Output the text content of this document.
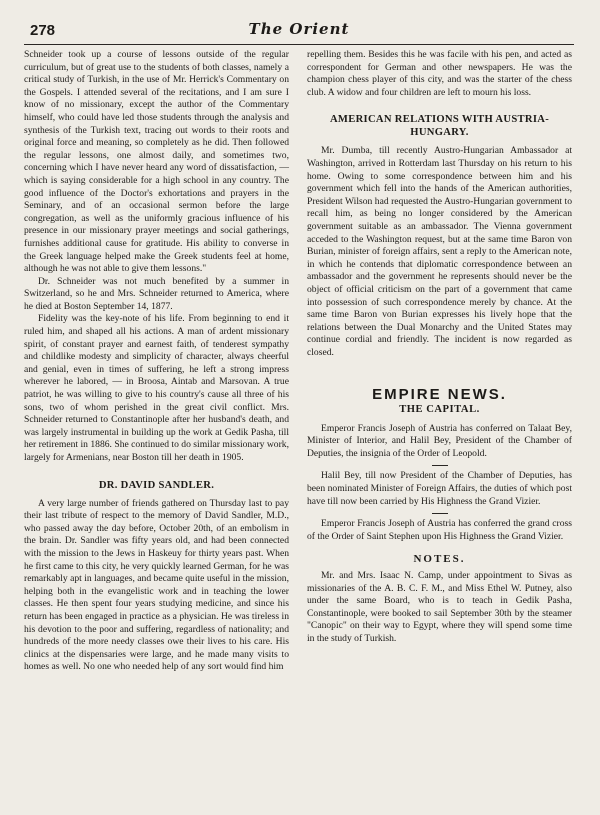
278	The Orient

Schneider took up a course of lessons outside of the regular curriculum, but of great use to the students of both classes, namely a critical study of Turkish, in the use of Mr. Herrick's Commentary on the Gospels. I attended several of the recitations, and I am sure I know of no missionary, except the author of the Commentary himself, who could have led those students through the analysis and synthesis of the Turkish text, tracing out words to their roots and original force and meaning, so completely as he did. Then followed the regular lessons, one almost daily, and sometimes two, concerning which I have never heard any word of dissatisfaction, — which is saying considerable for a high school in any country. The good influence of the Doctor's exhortations and prayers in the Seminary, and of an occasional sermon before the large congregation, as well as the uniformly gracious influence of his presence in our missionary prayer meetings and social gatherings, furnishes additional cause for gratitude. His ability to converse in the Greek language helped make the Greek students feel at home, although he was not able to give them lessons."

Dr. Schneider was not much benefited by a summer in Switzerland, so he and Mrs. Schneider returned to America, where he died at Boston September 14, 1877.

Fidelity was the key-note of his life. From beginning to end it ruled him, and shaped all his actions. A man of ardent missionary spirit, of constant prayer and earnest faith, of tenderest sympathy and childlike modesty and simplicity of character, always cheerful and genial, even in times of suffering, he left a strong impress wherever he labored, — in Broosa, Aintab and Marsovan. A true patriot, he was willing to give to his country's cause all three of his sons, two of whom perished in the great civil conflict. Mrs. Schneider returned to Constantinople after her husband's death, and was largely instrumental in building up the work at Gedik Pasha, till her retirement in 1886. She continued to do similar missionary work, largely for Armenians, near Boston till her death in 1905.

DR. DAVID SANDLER.

A very large number of friends gathered on Thursday last to pay their last tribute of respect to the memory of David Sandler, M.D., who passed away the day before, October 20th, of an embolism in the brain. Dr. Sandler was fifty years old, and had been connected with the mission to the Jews in Haskeuy for thirty years past. When he first came to this city, he very quickly learned German, for he was remarkably apt in languages, and became quite useful in the mission, helping both in the evangelistic work and in teaching the lower classes. He then spent four years studying medicine, and since his return has been engaged in practice as a physician. He was tireless in his devotion to the poor and suffering, regardless of nationality; and hundreds of the more needy classes owe their lives to his care. His clinics at the dispensaries were large, and he made many visits to homes as well. No one who needed help of any sort would find him

repelling them. Besides this he was facile with his pen, and acted as correspondent for German and other newspapers. He was the champion chess player of this city, and was the starter of the chess club. A widow and four children are left to mourn his loss.

AMERICAN RELATIONS WITH AUSTRIA-
HUNGARY.

Mr. Dumba, till recently Austro-Hungarian Ambassador at Washington, arrived in Rotterdam last Thursday on his return to his home. Owing to some correspondence between him and his government which fell into the hands of the American authorities, President Wilson had requested the Austro-Hungarian government to recall him, as being no longer considered by the American government suitable as an ambassador. The Vienna government acceded to the Washington request, but at the same time Baron von Burian, minister of foreign affairs, sent a reply to the American note, in which he contends that diplomatic correspondence between an ambassador and the government he represents should never be the object of official criticism on the part of a government that came into possession of such correspondence merely by chance. At the same time Baron von Burian expresses his lively hope that the relations between the Dual Monarchy and the United States may continue cordial and friendly. The incident is now regarded as closed.

EMPIRE NEWS.
THE CAPITAL.

Emperor Francis Joseph of Austria has conferred on Talaat Bey, Minister of Interior, and Halil Bey, President of the Chamber of Deputies, the insignia of the Order of Leopold.

Halil Bey, till now President of the Chamber of Deputies, has been nominated Minister of Foreign Affairs, the duties of which post have till now been carried by His Highness the Grand Vizier.

Emperor Francis Joseph of Austria has conferred the grand cross of the Order of Saint Stephen upon His Highness the Grand Vizier.

NOTES.

Mr. and Mrs. Isaac N. Camp, under appointment to Sivas as missionaries of the A. B. C. F. M., and Miss Ethel W. Putney, also under the same Board, who is to teach in Gedik Pasha, Constantinople, were booked to sail September 30th by the steamer "Canopic" on their way to Egypt, where they will spend some time in the study of Turkish.
